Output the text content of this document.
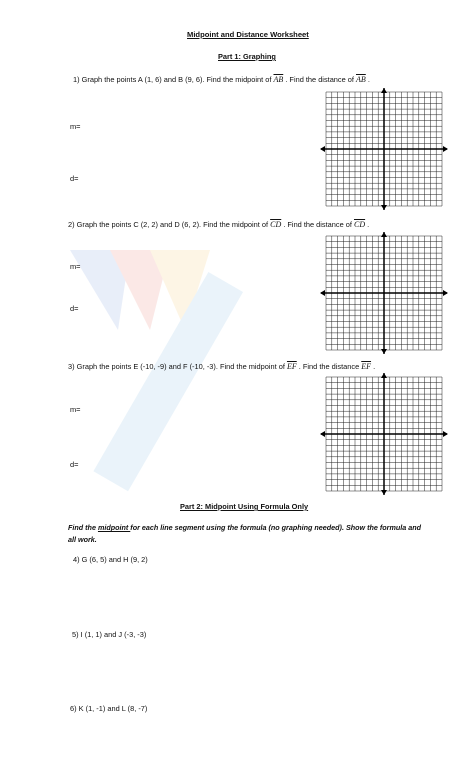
Midpoint and Distance Worksheet
Part 1: Graphing
1) Graph the points A (1, 6) and B (9, 6). Find the midpoint of $\overline{AB}$ . Find the distance of $\overline{AB}$ .
m=
d=
2) Graph the points C (2, 2) and D (6, 2). Find the midpoint of $\overline{CD}$ . Find the distance of $\overline{CD}$ .
m=
d=
3) Graph the points E (-10, -9) and F (-10, -3). Find the midpoint of $\overline{EF}$ . Find the distance $\overline{EF}$ .
m=
d=
Part 2: Midpoint Using Formula Only
Find the midpoint for each line segment using the formula (no graphing needed). Show the formula and all work.
4) G (6, 5) and H (9, 2)
5) I (1, 1) and J (-3, -3)
6) K (1, -1) and L (8, -7)
